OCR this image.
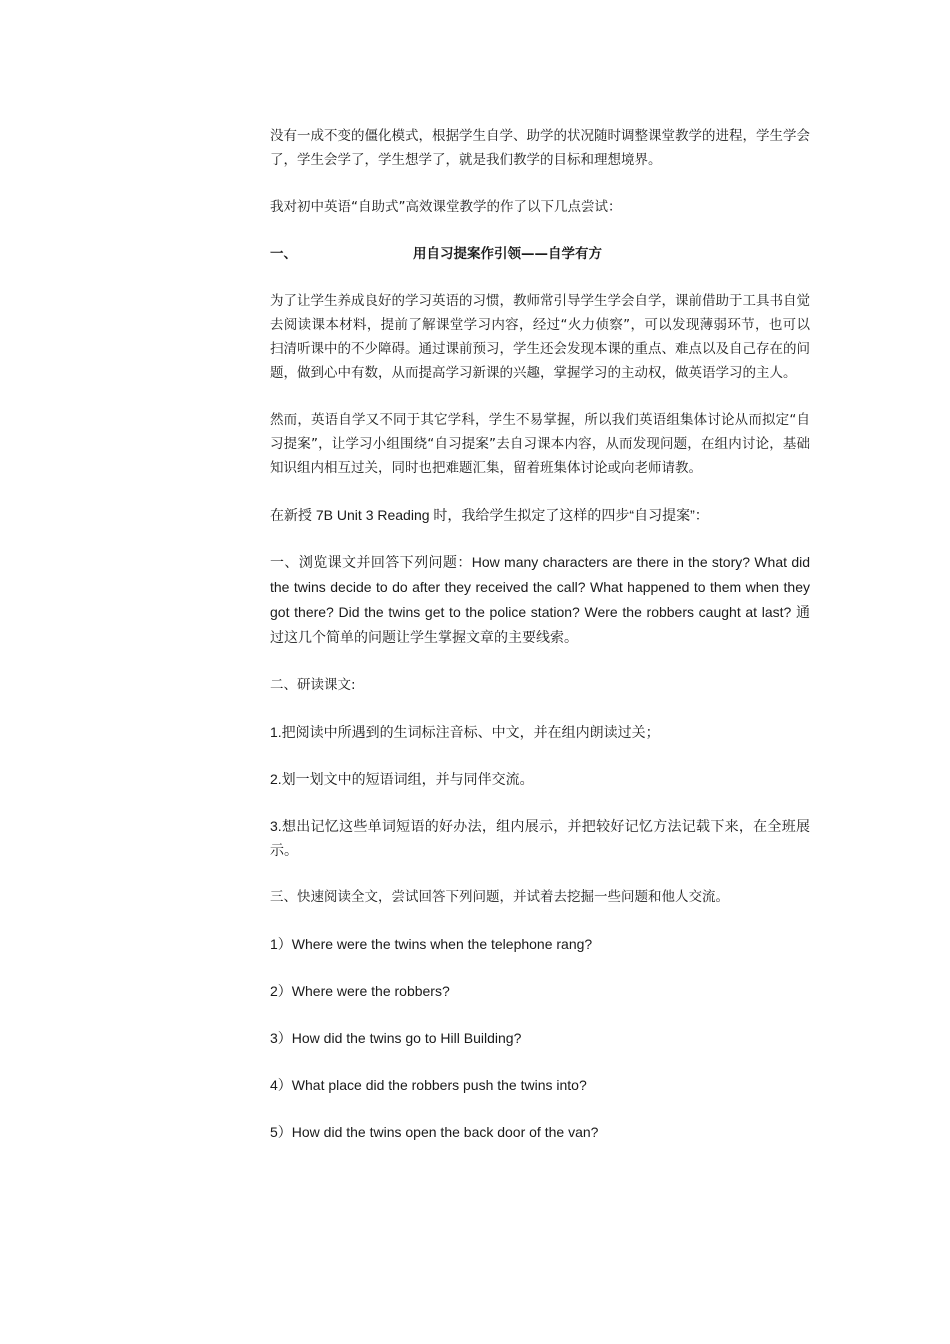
没有一成不变的僵化模式，根据学生自学、助学的状况随时调整课堂教学的进程，学生学会了，学生会学了，学生想学了，就是我们教学的目标和理想境界。

我对初中英语“自助式”高效课堂教学的作了以下几点尝试：

一、	用自习提案作引领——自学有方

为了让学生养成良好的学习英语的习惯，教师常引导学生学会自学，课前借助于工具书自觉去阅读课本材料，提前了解课堂学习内容，经过“火力侦察”，可以发现薄弱环节，也可以扫清听课中的不少障碍。通过课前预习，学生还会发现本课的重点、难点以及自己存在的问题，做到心中有数，从而提高学习新课的兴趣，掌握学习的主动权，做英语学习的主人。

然而，英语自学又不同于其它学科，学生不易掌握，所以我们英语组集体讨论从而拟定“自习提案”，让学习小组围绕“自习提案”去自习课本内容，从而发现问题，在组内讨论，基础知识组内相互过关，同时也把难题汇集，留着班集体讨论或向老师请教。

在新授 7B Unit 3 Reading 时，我给学生拟定了这样的四步“自习提案”：

一、浏览课文并回答下列问题：How many characters are there in the story? What did the twins decide to do after they received the call? What happened to them when they got there? Did the twins get to the police station? Were the robbers caught at last? 通过这几个简单的问题让学生掌握文章的主要线索。

二、研读课文:

1.把阅读中所遇到的生词标注音标、中文，并在组内朗读过关；

2.划一划文中的短语词组，并与同伴交流。

3.想出记忆这些单词短语的好办法，组内展示，并把较好记忆方法记载下来，在全班展示。

三、快速阅读全文，尝试回答下列问题，并试着去挖掘一些问题和他人交流。

1）Where were the twins when the telephone rang?
2）Where were the robbers?
3）How did the twins go to Hill Building?
4）What place did the robbers push the twins into?
5）How did the twins open the back door of the van?
